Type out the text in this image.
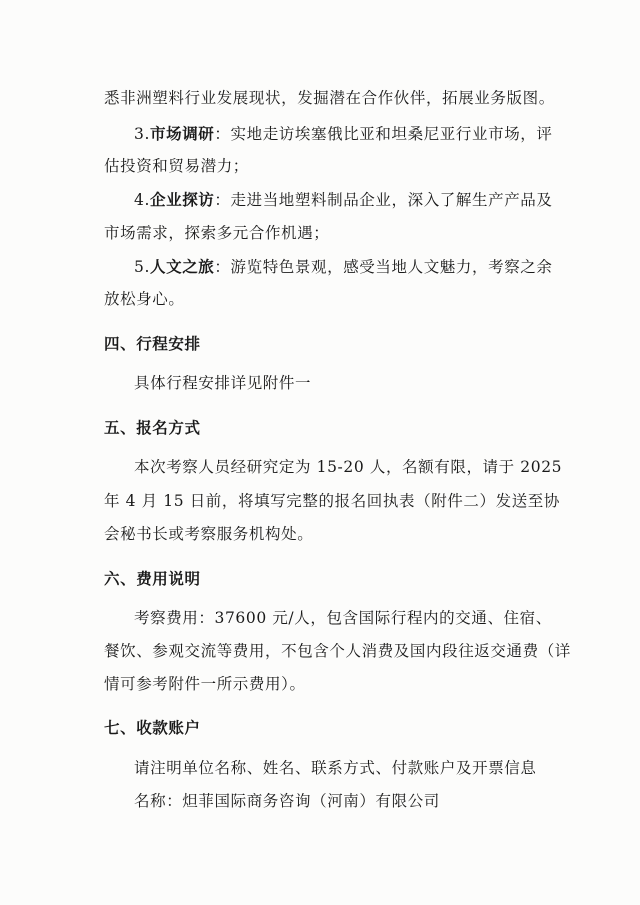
悉非洲塑料行业发展现状，发掘潜在合作伙伴，拓展业务版图。
3.市场调研：实地走访埃塞俄比亚和坦桑尼亚行业市场，评
估投资和贸易潜力；
4.企业探访：走进当地塑料制品企业，深入了解生产产品及
市场需求，探索多元合作机遇；
5.人文之旅：游览特色景观，感受当地人文魅力，考察之余
放松身心。
四、行程安排
具体行程安排详见附件一
五、报名方式
本次考察人员经研究定为 15-20 人，名额有限，请于 2025
年 4 月 15 日前，将填写完整的报名回执表（附件二）发送至协
会秘书长或考察服务机构处。
六、费用说明
考察费用：37600 元/人，包含国际行程内的交通、住宿、
餐饮、参观交流等费用，不包含个人消费及国内段往返交通费（详
情可参考附件一所示费用）。
七、收款账户
请注明单位名称、姓名、联系方式、付款账户及开票信息
名称：炟菲国际商务咨询（河南）有限公司
